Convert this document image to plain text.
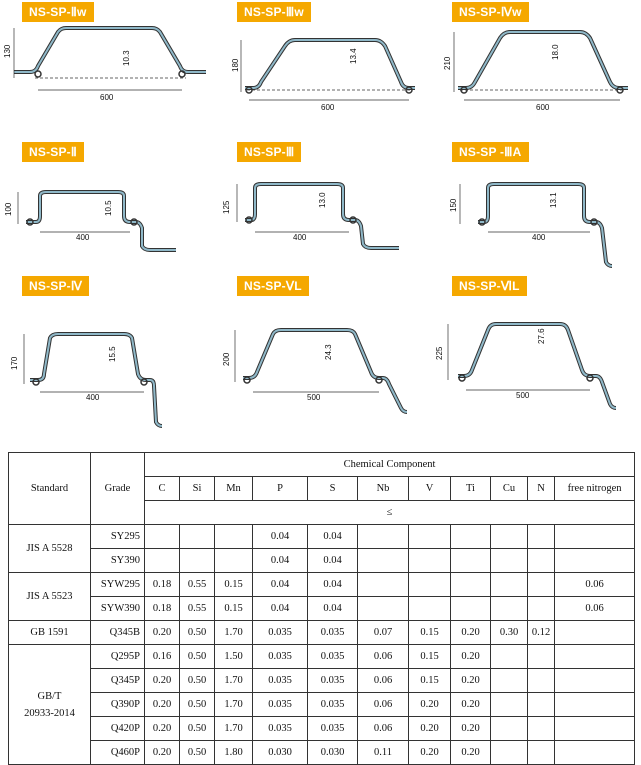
NS-SP-Ⅱw
130	10.3
600
NS-SP-Ⅲw
180
13.4
600
NS-SP-Ⅳw
210
18.0
600
NS-SP-Ⅱ
100	10.5
400
NS-SP-Ⅲ
125	13.0
400
NS-SP -ⅢA
150	13.1
400
NS-SP-Ⅳ
170
15.5
400
NS-SP-ⅤL
200	24.3
500
NS-SP-ⅥL
225
27.6
500
Standard	Grade	Chemical Component										
		C	Si	Mn	P	S	Nb	V	Ti	Cu	N	free nitrogen
		≤										

JIS A 5528	SY295				0.04	0.04						
	SY390				0.04	0.04						

JIS A 5523	SYW295	0.18	0.55	0.15	0.04	0.04						0.06
	SYW390	0.18	0.55	0.15	0.04	0.04						0.06

GB 1591	Q345B	0.20	0.50	1.70	0.035	0.035	0.07	0.15	0.20	0.30	0.12	

GB/T
20933-2014	Q295P	0.16	0.50	1.50	0.035	0.035	0.06	0.15	0.20			
	Q345P	0.20	0.50	1.70	0.035	0.035	0.06	0.15	0.20			
	Q390P	0.20	0.50	1.70	0.035	0.035	0.06	0.20	0.20			
	Q420P	0.20	0.50	1.70	0.035	0.035	0.06	0.20	0.20			
	Q460P	0.20	0.50	1.80	0.030	0.030	0.11	0.20	0.20			
